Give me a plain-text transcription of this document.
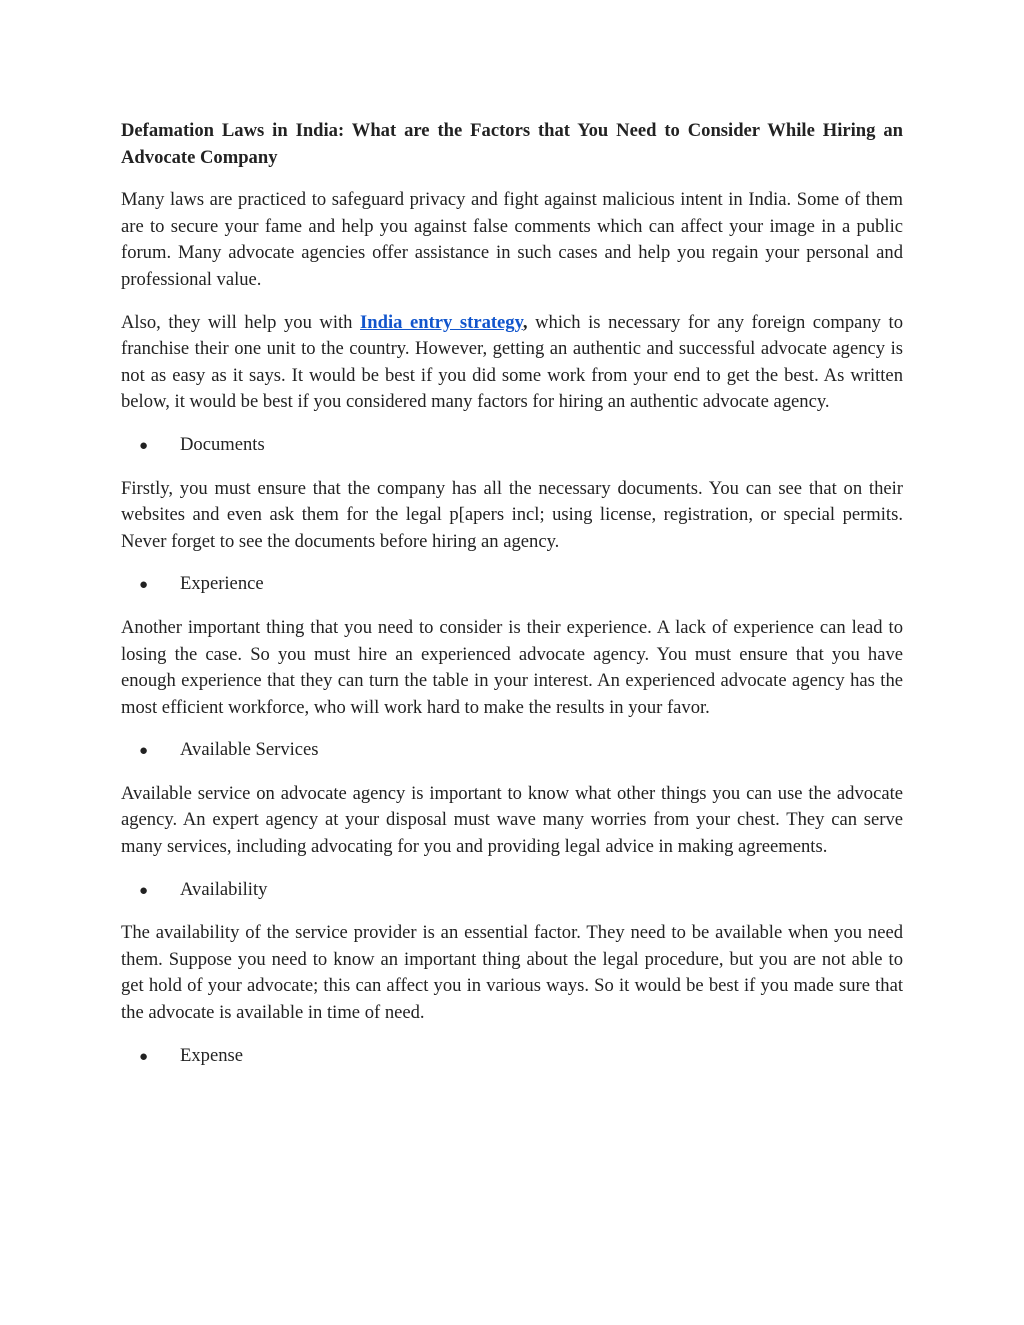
Defamation Laws in India: What are the Factors that You Need to Consider While Hiring an Advocate Company

Many laws are practiced to safeguard privacy and fight against malicious intent in India. Some of them are to secure your fame and help you against false comments which can affect your image in a public forum. Many advocate agencies offer assistance in such cases and help you regain your personal and professional value.

Also, they will help you with India entry strategy, which is necessary for any foreign company to franchise their one unit to the country. However, getting an authentic and successful advocate agency is not as easy as it says. It would be best if you did some work from your end to get the best. As written below, it would be best if you considered many factors for hiring an authentic advocate agency.

●	Documents

Firstly, you must ensure that the company has all the necessary documents. You can see that on their websites and even ask them for the legal p[apers incl; using license, registration, or special permits. Never forget to see the documents before hiring an agency.

●	Experience

Another important thing that you need to consider is their experience. A lack of experience can lead to losing the case. So you must hire an experienced advocate agency. You must ensure that you have enough experience that they can turn the table in your interest. An experienced advocate agency has the most efficient workforce, who will work hard to make the results in your favor.

●	Available Services

Available service on advocate agency is important to know what other things you can use the advocate agency. An expert agency at your disposal must wave many worries from your chest. They can serve many services, including advocating for you and providing legal advice in making agreements.

●	Availability

The availability of the service provider is an essential factor. They need to be available when you need them. Suppose you need to know an important thing about the legal procedure, but you are not able to get hold of your advocate; this can affect you in various ways. So it would be best if you made sure that the advocate is available in time of need.

●	Expense
